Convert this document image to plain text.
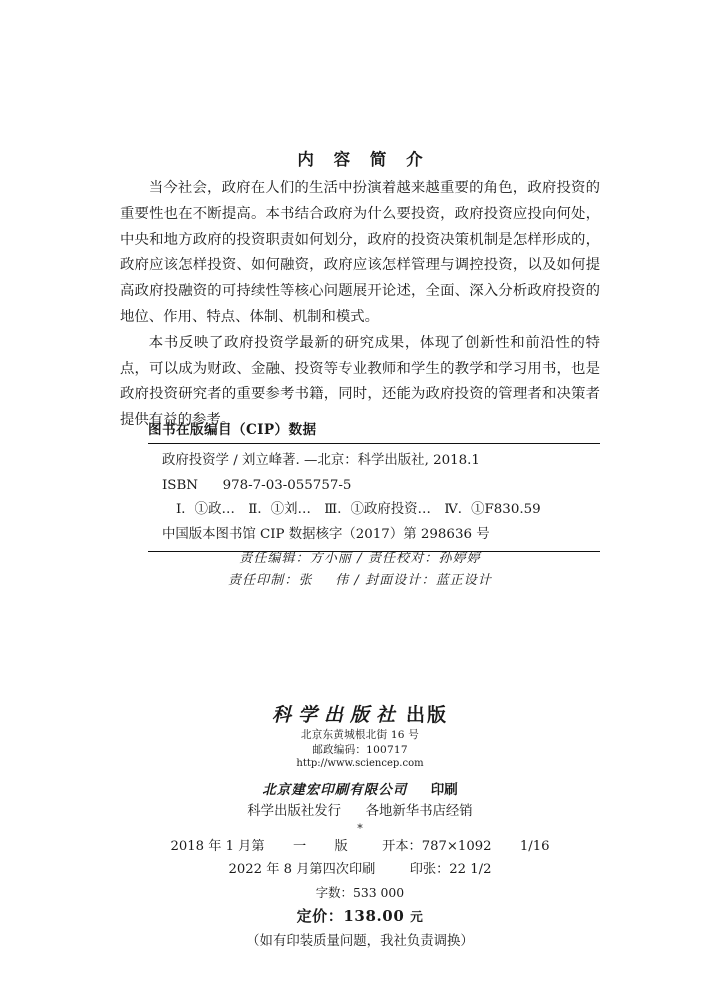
内 容 简 介

当今社会，政府在人们的生活中扮演着越来越重要的角色，政府投资的重要性也在不断提高。本书结合政府为什么要投资，政府投资应投向何处，中央和地方政府的投资职责如何划分，政府的投资决策机制是怎样形成的，政府应该怎样投资、如何融资，政府应该怎样管理与调控投资，以及如何提高政府投融资的可持续性等核心问题展开论述，全面、深入分析政府投资的地位、作用、特点、体制、机制和模式。

本书反映了政府投资学最新的研究成果，体现了创新性和前沿性的特点，可以成为财政、金融、投资等专业教师和学生的教学和学习用书，也是政府投资研究者的重要参考书籍，同时，还能为政府投资的管理者和决策者提供有益的参考。

图书在版编目（CIP）数据
政府投资学 / 刘立峰著. —北京：科学出版社, 2018.1
ISBN 978-7-03-055757-5
Ⅰ．①政…　Ⅱ．①刘…　Ⅲ．①政府投资…　Ⅳ．①F830.59
中国版本图书馆 CIP 数据核字（2017）第 298636 号
责任编辑：方小丽 / 责任校对：孙婷婷
责任印制：张 伟 / 封面设计：蓝正设计
科学出版社 出版
北京东黄城根北街 16 号
邮政编码：100717
http://www.sciencep.com
北京建宏印刷有限公司 印刷
科学出版社发行 各地新华书店经销
*
2018 年 1 月第 一 版	开本：787×1092 1/16
2022 年 8 月第四次印刷	印张：22 1/2
字数：533 000
定价：138.00 元
（如有印装质量问题，我社负责调换）
